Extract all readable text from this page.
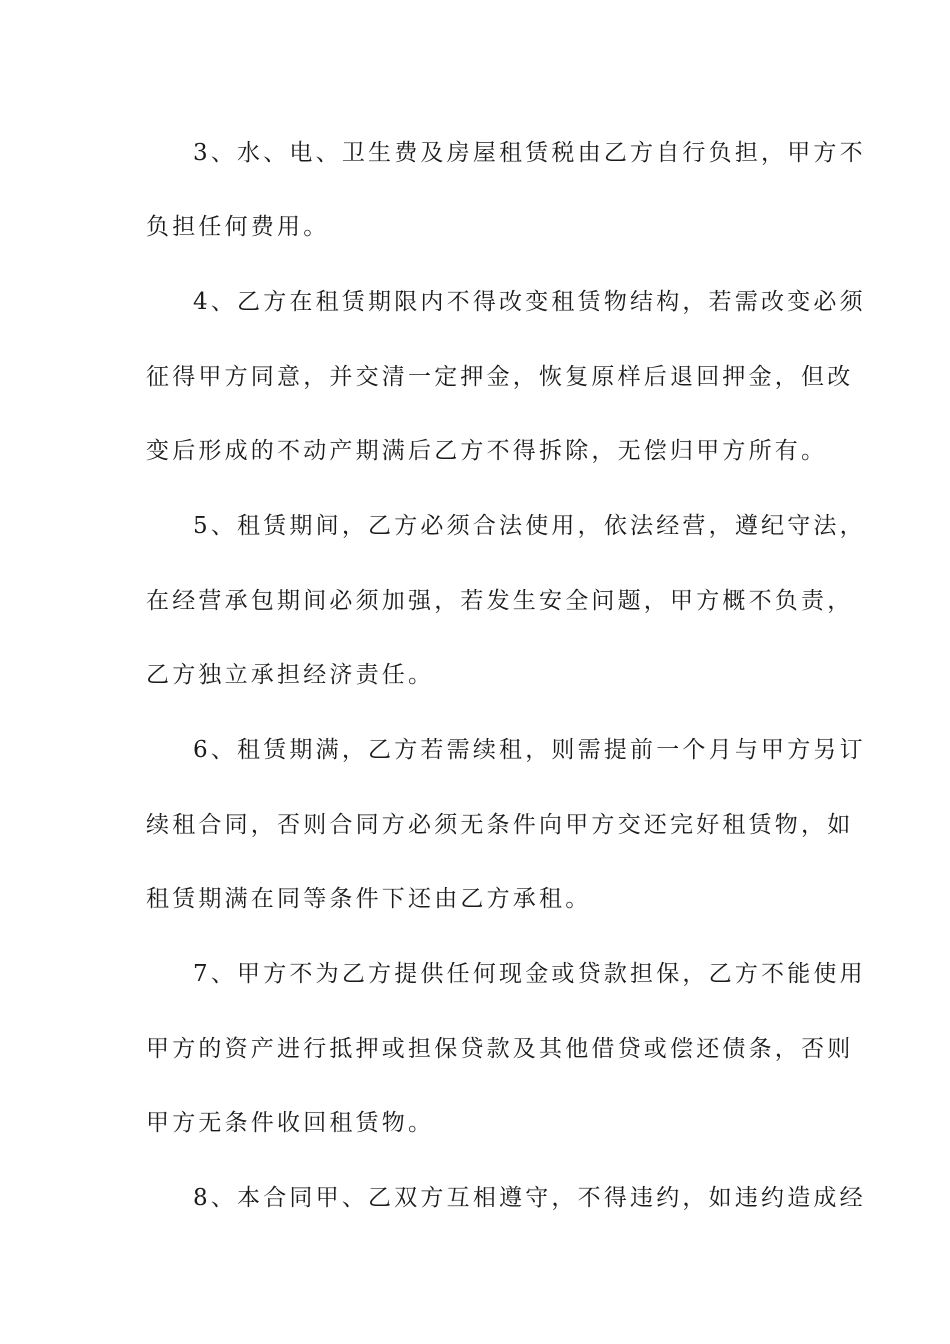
3、水、电、卫生费及房屋租赁税由乙方自行负担，甲方不
负担任何费用。
4、乙方在租赁期限内不得改变租赁物结构，若需改变必须
征得甲方同意，并交清一定押金，恢复原样后退回押金，但改
变后形成的不动产期满后乙方不得拆除，无偿归甲方所有。
5、租赁期间，乙方必须合法使用，依法经营，遵纪守法，
在经营承包期间必须加强，若发生安全问题，甲方概不负责，
乙方独立承担经济责任。
6、租赁期满，乙方若需续租，则需提前一个月与甲方另订
续租合同，否则合同方必须无条件向甲方交还完好租赁物，如
租赁期满在同等条件下还由乙方承租。
7、甲方不为乙方提供任何现金或贷款担保，乙方不能使用
甲方的资产进行抵押或担保贷款及其他借贷或偿还债条，否则
甲方无条件收回租赁物。
8、本合同甲、乙双方互相遵守，不得违约，如违约造成经
